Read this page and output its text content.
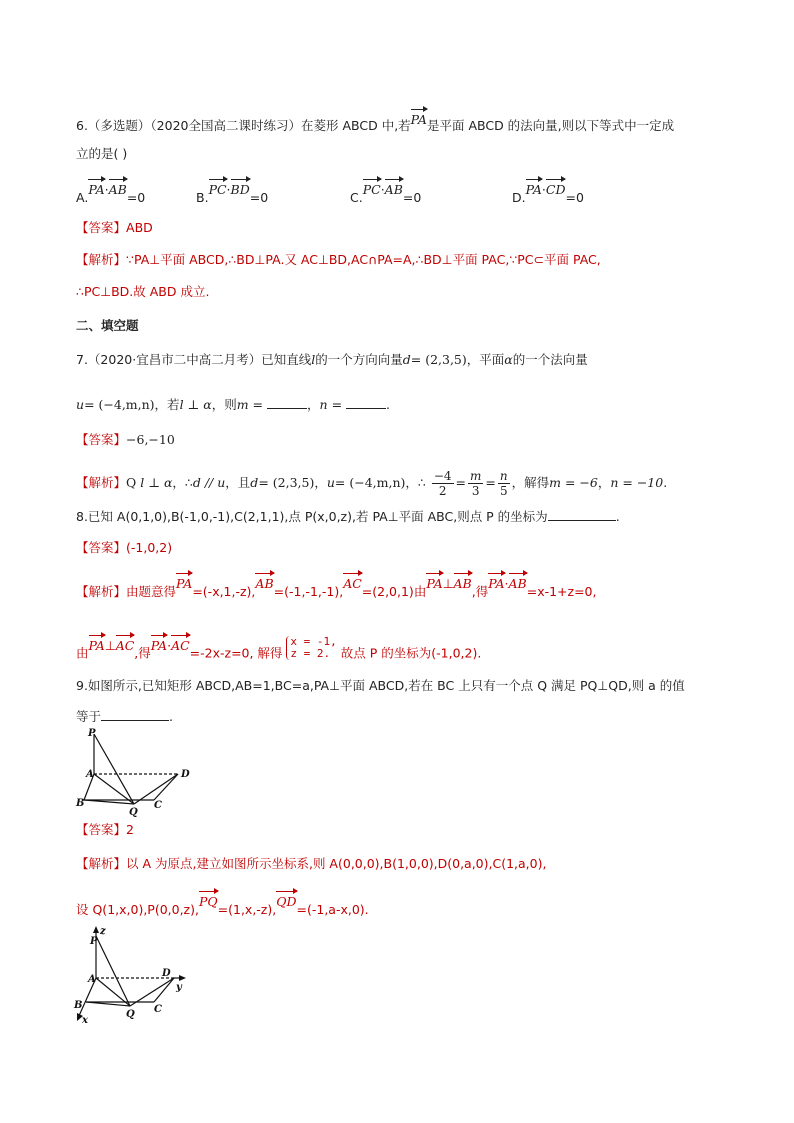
6.（多选题）（2020全国高二课时练习）在菱形 ABCD 中,若PA是平面 ABCD 的法向量,则以下等式中一定成
立的是( )
A.PA·AB=0	B.PC·BD=0	C.PC·AB=0	D.PA·CD=0
【答案】ABD
【解析】∵PA⊥平面 ABCD,∴BD⊥PA.又 AC⊥BD,AC∩PA=A,∴BD⊥平面 PAC,∵PC⊂平面 PAC,
∴PC⊥BD.故 ABD 成立.
二、填空题
7.（2020·宜昌市二中高二月考）已知直线l的一个方向向量d= (2,3,5)，平面α的一个法向量
u= (−4,m,n)，若l ⊥ α，则m =	，n =	.
【答案】−6,−10
【解析】Q l ⊥ α，∴d // u，且d= (2,3,5)，u= (−4,m,n)，∴ $\frac{-4}{2} = \frac{m}{3} = \frac{n}{5}$ ，解得m = −6，n = −10.
8.已知 A(0,1,0),B(-1,0,-1),C(2,1,1),点 P(x,0,z),若 PA⊥平面 ABC,则点 P 的坐标为	.
【答案】(-1,0,2)
【解析】由题意得PA=(-x,1,-z),AB=(-1,-1,-1),AC=(2,0,1)由PA⊥AB,得PA·AB=x-1+z=0,
由PA⊥AC,得PA·AC=-2x-z=0, 解得
x = -1,
z = 2. 故点 P 的坐标为(-1,0,2).
9.如图所示,已知矩形 ABCD,AB=1,BC=a,PA⊥平面 ABCD,若在 BC 上只有一个点 Q 满足 PQ⊥QD,则 a 的值
等于	.
P
A
B
Q
C
D
【答案】2
【解析】以 A 为原点,建立如图所示坐标系,则 A(0,0,0),B(1,0,0),D(0,a,0),C(1,a,0),
设 Q(1,x,0),P(0,0,z),PQ=(1,x,-z),QD=(-1,a-x,0).
P
z
A
D
y
B
Q C
x
